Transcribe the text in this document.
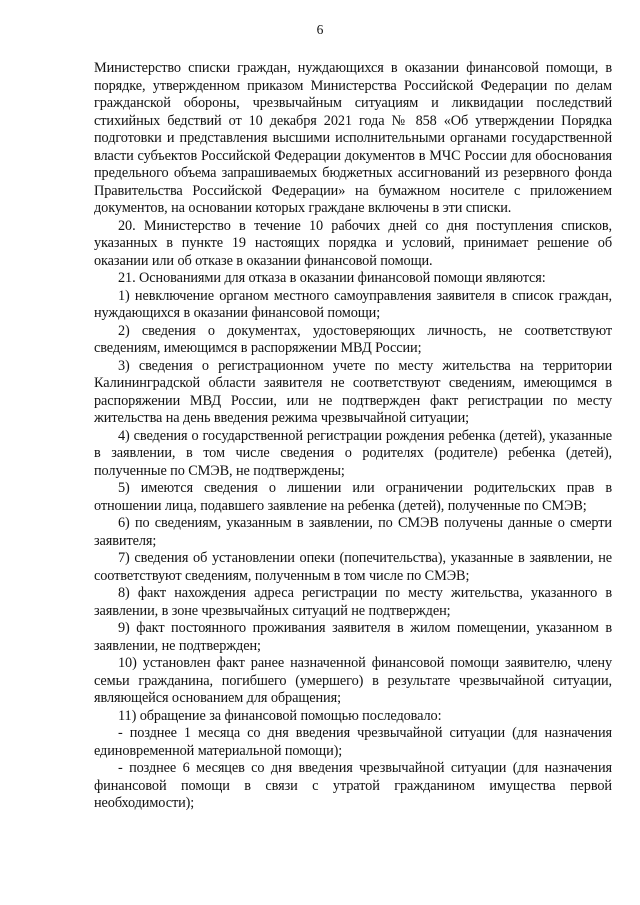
6

Министерство списки граждан, нуждающихся в оказании финансовой помощи, в порядке, утвержденном приказом Министерства Российской Федерации по делам гражданской обороны, чрезвычайным ситуациям и ликвидации последствий стихийных бедствий от 10 декабря 2021 года № 858 «Об утверждении Порядка подготовки и представления высшими исполнительными органами государственной власти субъектов Российской Федерации документов в МЧС России для обоснования предельного объема запрашиваемых бюджетных ассигнований из резервного фонда Правительства Российской Федерации» на бумажном носителе с приложением документов, на основании которых граждане включены в эти списки.

20. Министерство в течение 10 рабочих дней со дня поступления списков, указанных в пункте 19 настоящих порядка и условий, принимает решение об оказании или об отказе в оказании финансовой помощи.

21. Основаниями для отказа в оказании финансовой помощи являются:

1) невключение органом местного самоуправления заявителя в список граждан, нуждающихся в оказании финансовой помощи;

2) сведения о документах, удостоверяющих личность, не соответствуют сведениям, имеющимся в распоряжении МВД России;

3) сведения о регистрационном учете по месту жительства на территории Калининградской области заявителя не соответствуют сведениям, имеющимся в распоряжении МВД России, или не подтвержден факт регистрации по месту жительства на день введения режима чрезвычайной ситуации;

4) сведения о государственной регистрации рождения ребенка (детей), указанные в заявлении, в том числе сведения о родителях (родителе) ребенка (детей), полученные по СМЭВ, не подтверждены;

5) имеются сведения о лишении или ограничении родительских прав в отношении лица, подавшего заявление на ребенка (детей), полученные по СМЭВ;

6) по сведениям, указанным в заявлении, по СМЭВ получены данные о смерти заявителя;

7) сведения об установлении опеки (попечительства), указанные в заявлении, не соответствуют сведениям, полученным в том числе по СМЭВ;

8) факт нахождения адреса регистрации по месту жительства, указанного в заявлении, в зоне чрезвычайных ситуаций не подтвержден;

9) факт постоянного проживания заявителя в жилом помещении, указанном в заявлении, не подтвержден;

10) установлен факт ранее назначенной финансовой помощи заявителю, члену семьи гражданина, погибшего (умершего) в результате чрезвычайной ситуации, являющейся основанием для обращения;

11) обращение за финансовой помощью последовало:

- позднее 1 месяца со дня введения чрезвычайной ситуации (для назначения единовременной материальной помощи);

- позднее 6 месяцев со дня введения чрезвычайной ситуации (для назначения финансовой помощи в связи с утратой гражданином имущества первой необходимости);
